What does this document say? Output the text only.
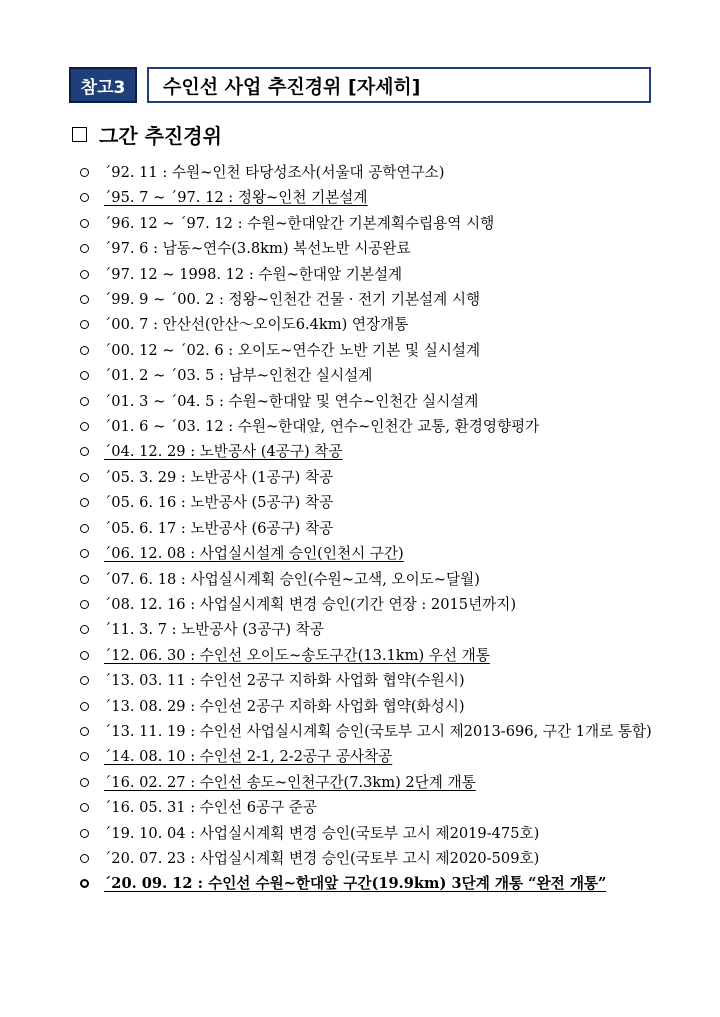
참고3	수인선 사업 추진경위 [자세히]
그간 추진경위
´92. 11 : 수원~인천 타당성조사(서울대 공학연구소)
´95. 7 ~ ´97. 12 : 정왕~인천 기본설계
´96. 12 ~ ´97. 12 : 수원~한대앞간 기본계획수립용역 시행
´97. 6 : 남동~연수(3.8km) 복선노반 시공완료
´97. 12 ~ 1998. 12 : 수원~한대앞 기본설계
´99. 9 ~ ´00. 2 : 정왕~인천간 건물 · 전기 기본설계 시행
´00. 7 : 안산선(안산～오이도6.4km) 연장개통
´00. 12 ~ ´02. 6 : 오이도~연수간 노반 기본 및 실시설계
´01. 2 ~ ´03. 5 : 남부~인천간 실시설계
´01. 3 ~ ´04. 5 : 수원~한대앞 및 연수~인천간 실시설계
´01. 6 ~ ´03. 12 : 수원~한대앞, 연수~인천간 교통, 환경영향평가
´04. 12. 29 : 노반공사 (4공구) 착공
´05. 3. 29 : 노반공사 (1공구) 착공
´05. 6. 16 : 노반공사 (5공구) 착공
´05. 6. 17 : 노반공사 (6공구) 착공
´06. 12. 08 : 사업실시설계 승인(인천시 구간)
´07. 6. 18 : 사업실시계획 승인(수원~고색, 오이도~달월)
´08. 12. 16 : 사업실시계획 변경 승인(기간 연장 : 2015년까지)
´11. 3. 7 : 노반공사 (3공구) 착공
´12. 06. 30 : 수인선 오이도~송도구간(13.1km) 우선 개통
´13. 03. 11 : 수인선 2공구 지하화 사업화 협약(수원시)
´13. 08. 29 : 수인선 2공구 지하화 사업화 협약(화성시)
´13. 11. 19 : 수인선 사업실시계획 승인(국토부 고시 제2013-696, 구간 1개로 통합)
´14. 08. 10 : 수인선 2-1, 2-2공구 공사착공
´16. 02. 27 : 수인선 송도~인천구간(7.3km) 2단계 개통
´16. 05. 31 : 수인선 6공구 준공
´19. 10. 04 : 사업실시계획 변경 승인(국토부 고시 제2019-475호)
´20. 07. 23 : 사업실시계획 변경 승인(국토부 고시 제2020-509호)
´20. 09. 12 : 수인선 수원~한대앞 구간(19.9km) 3단계 개통 “완전 개통”
